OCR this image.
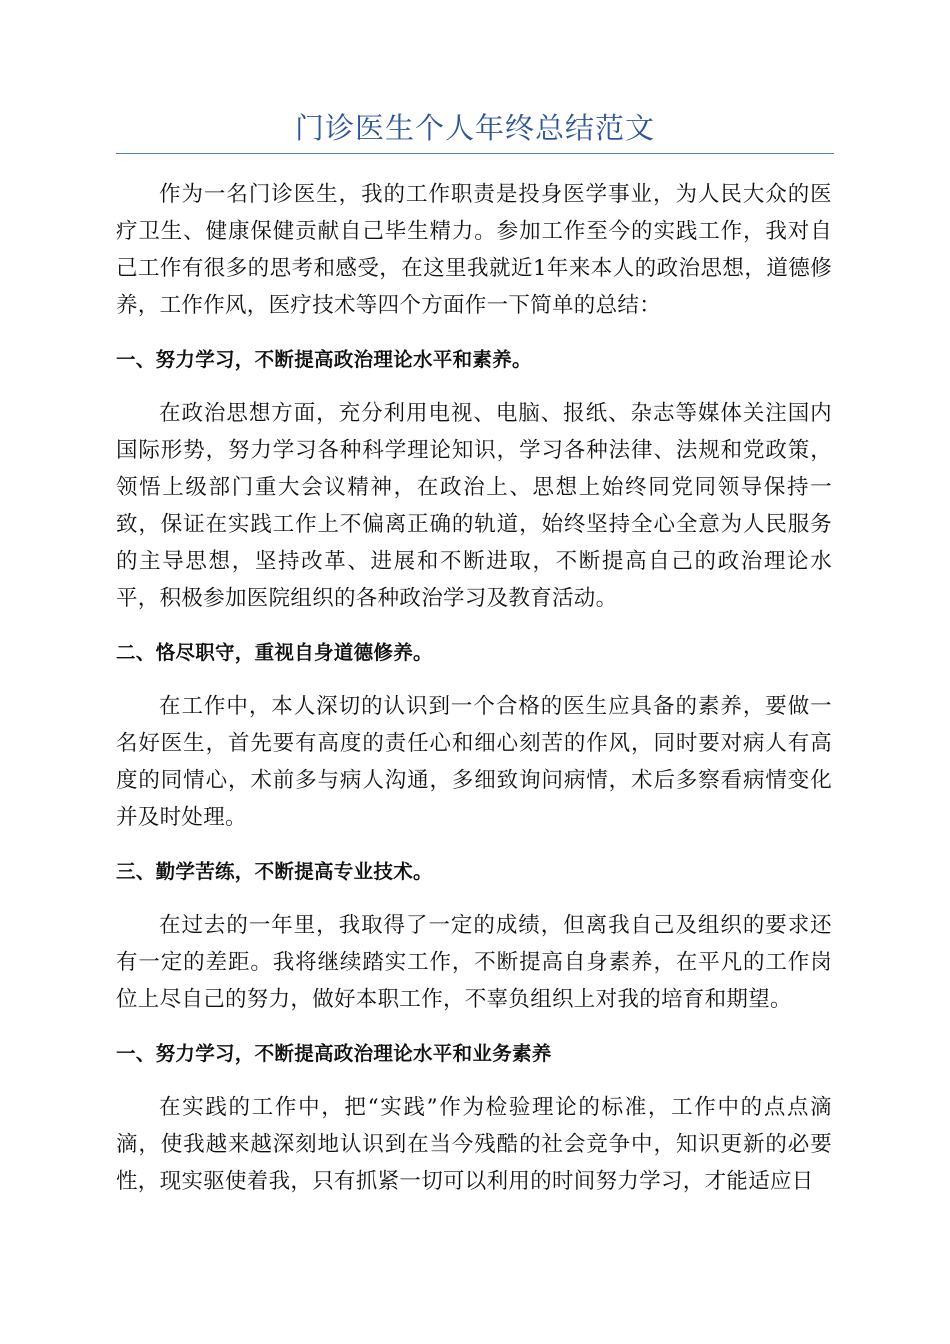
门诊医生个人年终总结范文

作为一名门诊医生，我的工作职责是投身医学事业，为人民大众的医疗卫生、健康保健贡献自己毕生精力。参加工作至今的实践工作，我对自己工作有很多的思考和感受，在这里我就近1年来本人的政治思想，道德修养，工作作风，医疗技术等四个方面作一下简单的总结：

一、努力学习，不断提高政治理论水平和素养。

在政治思想方面，充分利用电视、电脑、报纸、杂志等媒体关注国内国际形势，努力学习各种科学理论知识，学习各种法律、法规和党政策，领悟上级部门重大会议精神，在政治上、思想上始终同党同领导保持一致，保证在实践工作上不偏离正确的轨道，始终坚持全心全意为人民服务的主导思想，坚持改革、进展和不断进取，不断提高自己的政治理论水平，积极参加医院组织的各种政治学习及教育活动。

二、恪尽职守，重视自身道德修养。

在工作中，本人深切的认识到一个合格的医生应具备的素养，要做一名好医生，首先要有高度的责任心和细心刻苦的作风，同时要对病人有高度的同情心，术前多与病人沟通，多细致询问病情，术后多察看病情变化并及时处理。

三、勤学苦练，不断提高专业技术。

在过去的一年里，我取得了一定的成绩，但离我自己及组织的要求还有一定的差距。我将继续踏实工作，不断提高自身素养，在平凡的工作岗位上尽自己的努力，做好本职工作，不辜负组织上对我的培育和期望。

一、努力学习，不断提高政治理论水平和业务素养

在实践的工作中，把“实践”作为检验理论的标准，工作中的点点滴滴，使我越来越深刻地认识到在当今残酷的社会竞争中，知识更新的必要性，现实驱使着我，只有抓紧一切可以利用的时间努力学习，才能适应日
